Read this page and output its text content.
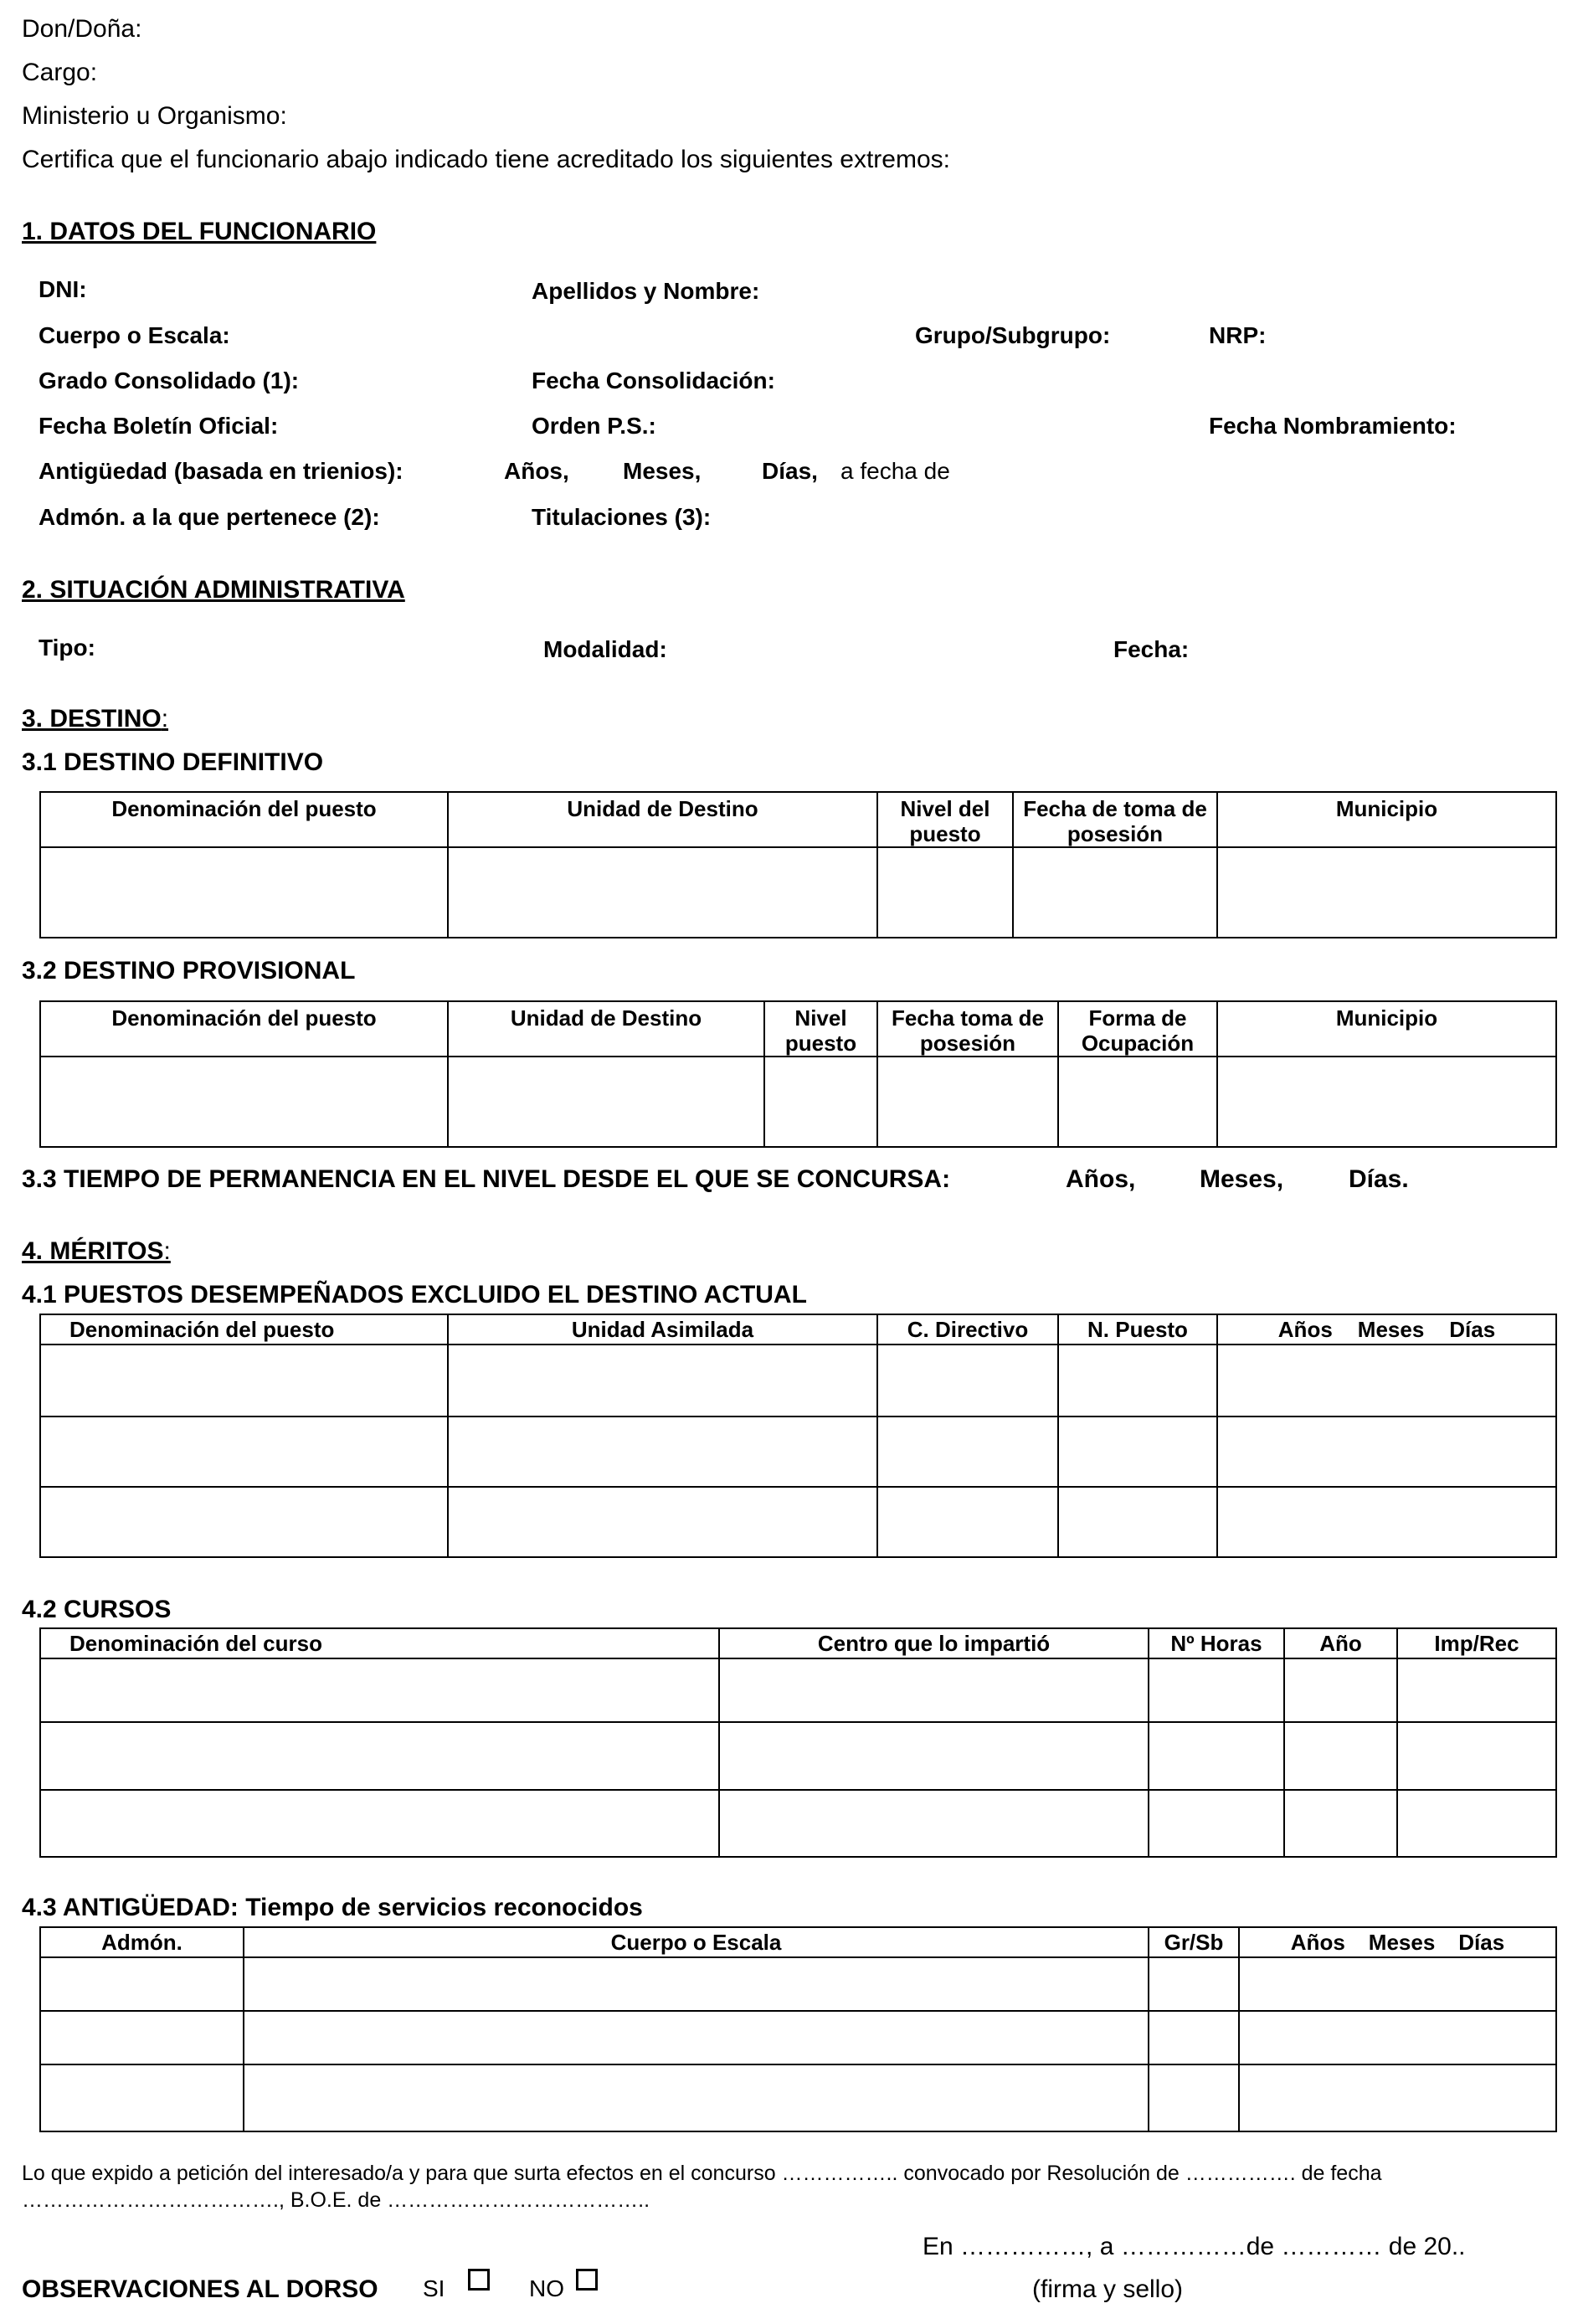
Don/Doña:
Cargo:
Ministerio u Organismo:
Certifica que el funcionario abajo indicado tiene acreditado los siguientes extremos:
1. DATOS DEL FUNCIONARIO
DNI:	Apellidos y Nombre:
Cuerpo o Escala:	Grupo/Subgrupo:	NRP:
Grado Consolidado (1):	Fecha Consolidación:
Fecha Boletín Oficial:	Orden P.S.:	Fecha Nombramiento:
Antigüedad (basada en trienios):	Años, Meses,	Días, a fecha de
Admón. a la que pertenece (2):	Titulaciones (3):
2. SITUACIÓN ADMINISTRATIVA
Tipo:	Modalidad:	Fecha:
3. DESTINO:
3.1 DESTINO DEFINITIVO
Denominación del puesto	Unidad de Destino	Nivel del puesto	Fecha de toma de posesión	Municipio

3.2 DESTINO PROVISIONAL
Denominación del puesto	Unidad de Destino	Nivel puesto	Fecha toma de posesión	Forma de Ocupación	Municipio

3.3 TIEMPO DE PERMANENCIA EN EL NIVEL DESDE EL QUE SE CONCURSA:	Años,	Meses,	Días.
4. MÉRITOS:
4.1 PUESTOS DESEMPEÑADOS EXCLUIDO EL DESTINO ACTUAL
Denominación del puesto	Unidad Asimilada	C. Directivo	N. Puesto	Años Meses Días

4.2 CURSOS
Denominación del curso	Centro que lo impartió	Nº Horas	Año	Imp/Rec

4.3 ANTIGÜEDAD: Tiempo de servicios reconocidos
Admón.	Cuerpo o Escala	Gr/Sb	Años Meses Días

Lo que expido a petición del interesado/a y para que surta efectos en el concurso …………….. convocado por Resolución de ……………. de fecha
………………………………., B.O.E. de ………………………………..
En ……………, a ……………de ………… de 20..
OBSERVACIONES AL DORSO SI	NO	(firma y sello)
